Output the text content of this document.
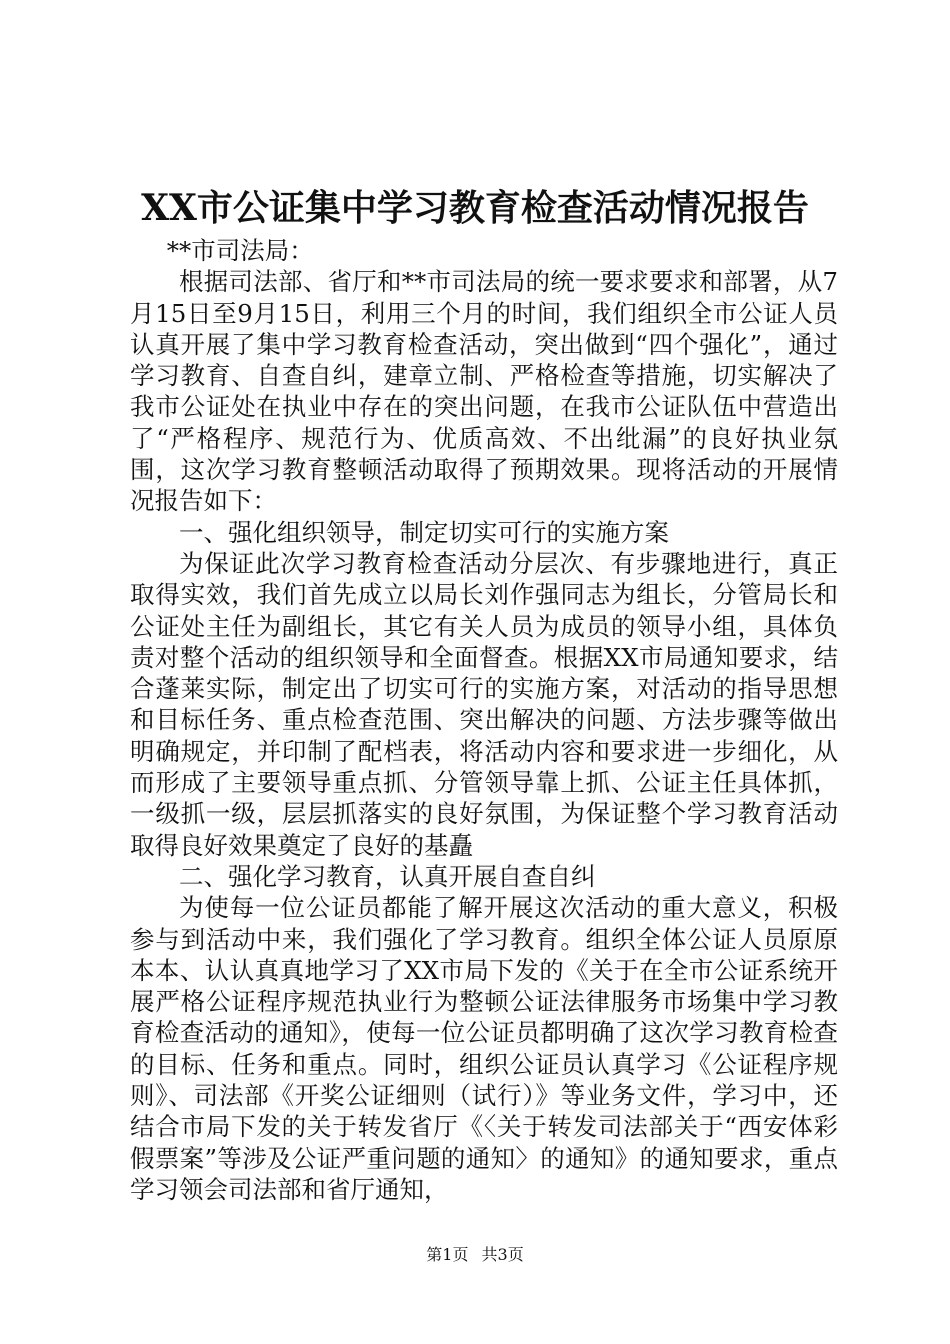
XX市公证集中学习教育检查活动情况报告

**市司法局：

根据司法部、省厅和**市司法局的统一要求要求和部署，从7月15日至9月15日，利用三个月的时间，我们组织全市公证人员认真开展了集中学习教育检查活动，突出做到“四个强化”，通过学习教育、自查自纠，建章立制、严格检查等措施，切实解决了我市公证处在执业中存在的突出问题，在我市公证队伍中营造出了“严格程序、规范行为、优质高效、不出纰漏”的良好执业氛围，这次学习教育整顿活动取得了预期效果。现将活动的开展情况报告如下：

一、强化组织领导，制定切实可行的实施方案

为保证此次学习教育检查活动分层次、有步骤地进行，真正取得实效，我们首先成立以局长刘作强同志为组长，分管局长和公证处主任为副组长，其它有关人员为成员的领导小组，具体负责对整个活动的组织领导和全面督查。根据XX市局通知要求，结合蓬莱实际，制定出了切实可行的实施方案，对活动的指导思想和目标任务、重点检查范围、突出解决的问题、方法步骤等做出明确规定，并印制了配档表，将活动内容和要求进一步细化，从而形成了主要领导重点抓、分管领导靠上抓、公证主任具体抓，一级抓一级，层层抓落实的良好氛围，为保证整个学习教育活动取得良好效果奠定了良好的基矗

二、强化学习教育，认真开展自查自纠

为使每一位公证员都能了解开展这次活动的重大意义，积极参与到活动中来，我们强化了学习教育。组织全体公证人员原原本本、认认真真地学习了XX市局下发的《关于在全市公证系统开展严格公证程序规范执业行为整顿公证法律服务市场集中学习教育检查活动的通知》，使每一位公证员都明确了这次学习教育检查的目标、任务和重点。同时，组织公证员认真学习《公证程序规则》、司法部《开奖公证细则（试行）》等业务文件，学习中，还结合市局下发的关于转发省厅《〈关于转发司法部关于“西安体彩假票案”等涉及公证严重问题的通知〉的通知》的通知要求，重点学习领会司法部和省厅通知，

第1页 共3页
